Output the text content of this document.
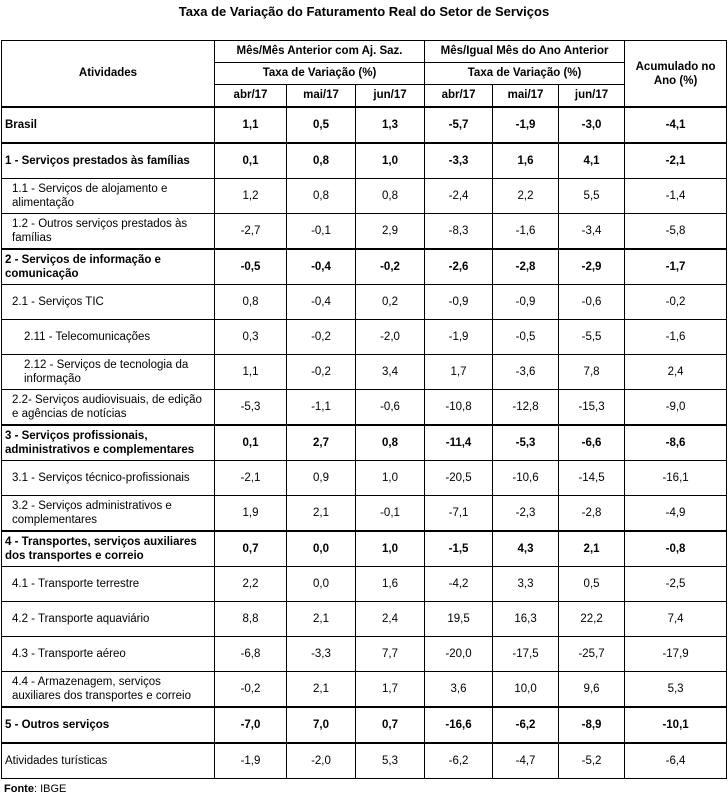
Taxa de Variação do Faturamento Real do Setor de Serviços
Atividades	Mês/Mês Anterior com Aj. Saz.			Mês/Igual Mês do Ano Anterior			Acumulado no Ano (%)
	Taxa de Variação (%)			Taxa de Variação (%)			
	abr/17	mai/17	jun/17	abr/17	mai/17	jun/17	
Brasil	1,1	0,5	1,3	-5,7	-1,9	-3,0	-4,1
1 - Serviços prestados às famílias	0,1	0,8	1,0	-3,3	1,6	4,1	-2,1
1.1 - Serviços de alojamento e alimentação	1,2	0,8	0,8	-2,4	2,2	5,5	-1,4
1.2 - Outros serviços prestados às famílias	-2,7	-0,1	2,9	-8,3	-1,6	-3,4	-5,8
2 - Serviços de informação e comunicação	-0,5	-0,4	-0,2	-2,6	-2,8	-2,9	-1,7
2.1 - Serviços TIC	0,8	-0,4	0,2	-0,9	-0,9	-0,6	-0,2
2.11 - Telecomunicações	0,3	-0,2	-2,0	-1,9	-0,5	-5,5	-1,6
2.12 - Serviços de tecnologia da informação	1,1	-0,2	3,4	1,7	-3,6	7,8	2,4
2.2- Serviços audiovisuais, de edição e agências de notícias	-5,3	-1,1	-0,6	-10,8	-12,8	-15,3	-9,0
3 - Serviços profissionais, administrativos e complementares	0,1	2,7	0,8	-11,4	-5,3	-6,6	-8,6
3.1 - Serviços técnico-profissionais	-2,1	0,9	1,0	-20,5	-10,6	-14,5	-16,1
3.2 - Serviços administrativos e complementares	1,9	2,1	-0,1	-7,1	-2,3	-2,8	-4,9
4 - Transportes, serviços auxiliares dos transportes e correio	0,7	0,0	1,0	-1,5	4,3	2,1	-0,8
4.1 - Transporte terrestre	2,2	0,0	1,6	-4,2	3,3	0,5	-2,5
4.2 - Transporte aquaviário	8,8	2,1	2,4	19,5	16,3	22,2	7,4
4.3 - Transporte aéreo	-6,8	-3,3	7,7	-20,0	-17,5	-25,7	-17,9
4.4 - Armazenagem, serviços auxiliares dos transportes e correio	-0,2	2,1	1,7	3,6	10,0	9,6	5,3
5 - Outros serviços	-7,0	7,0	0,7	-16,6	-6,2	-8,9	-10,1
Atividades turísticas	-1,9	-2,0	5,3	-6,2	-4,7	-5,2	-6,4
Fonte: IBGE
